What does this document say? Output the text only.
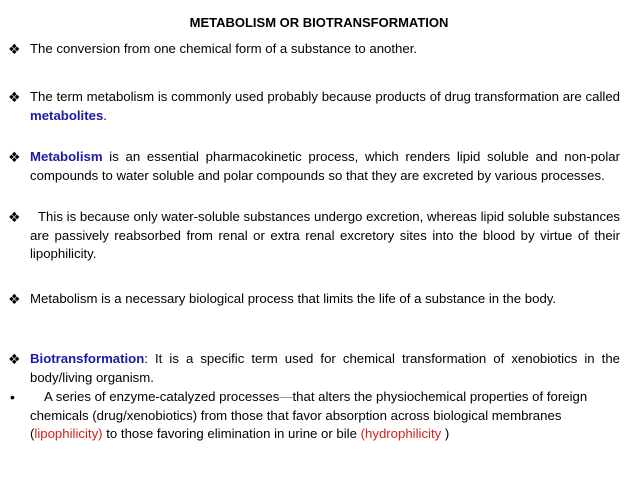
METABOLISM OR BIOTRANSFORMATION
❖ The conversion from one chemical form of a substance to another.
❖ The term metabolism is commonly used probably because products of drug transformation are called metabolites.
❖ Metabolism is an essential pharmacokinetic process, which renders lipid soluble and non-polar compounds to water soluble and polar compounds so that they are excreted by various processes.
❖	This is because only water-soluble substances undergo excretion, whereas lipid soluble substances are passively reabsorbed from renal or extra renal excretory sites into the blood by virtue of their lipophilicity.
❖ Metabolism is a necessary biological process that limits the life of a substance in the body.
❖ Biotransformation: It is a specific term used for chemical transformation of xenobiotics in the body/living organism.
•	A series of enzyme-catalyzed processes—that alters the physiochemical properties of foreign chemicals (drug/xenobiotics) from those that favor absorption across biological membranes (lipophilicity) to those favoring elimination in urine or bile (hydrophilicity )
